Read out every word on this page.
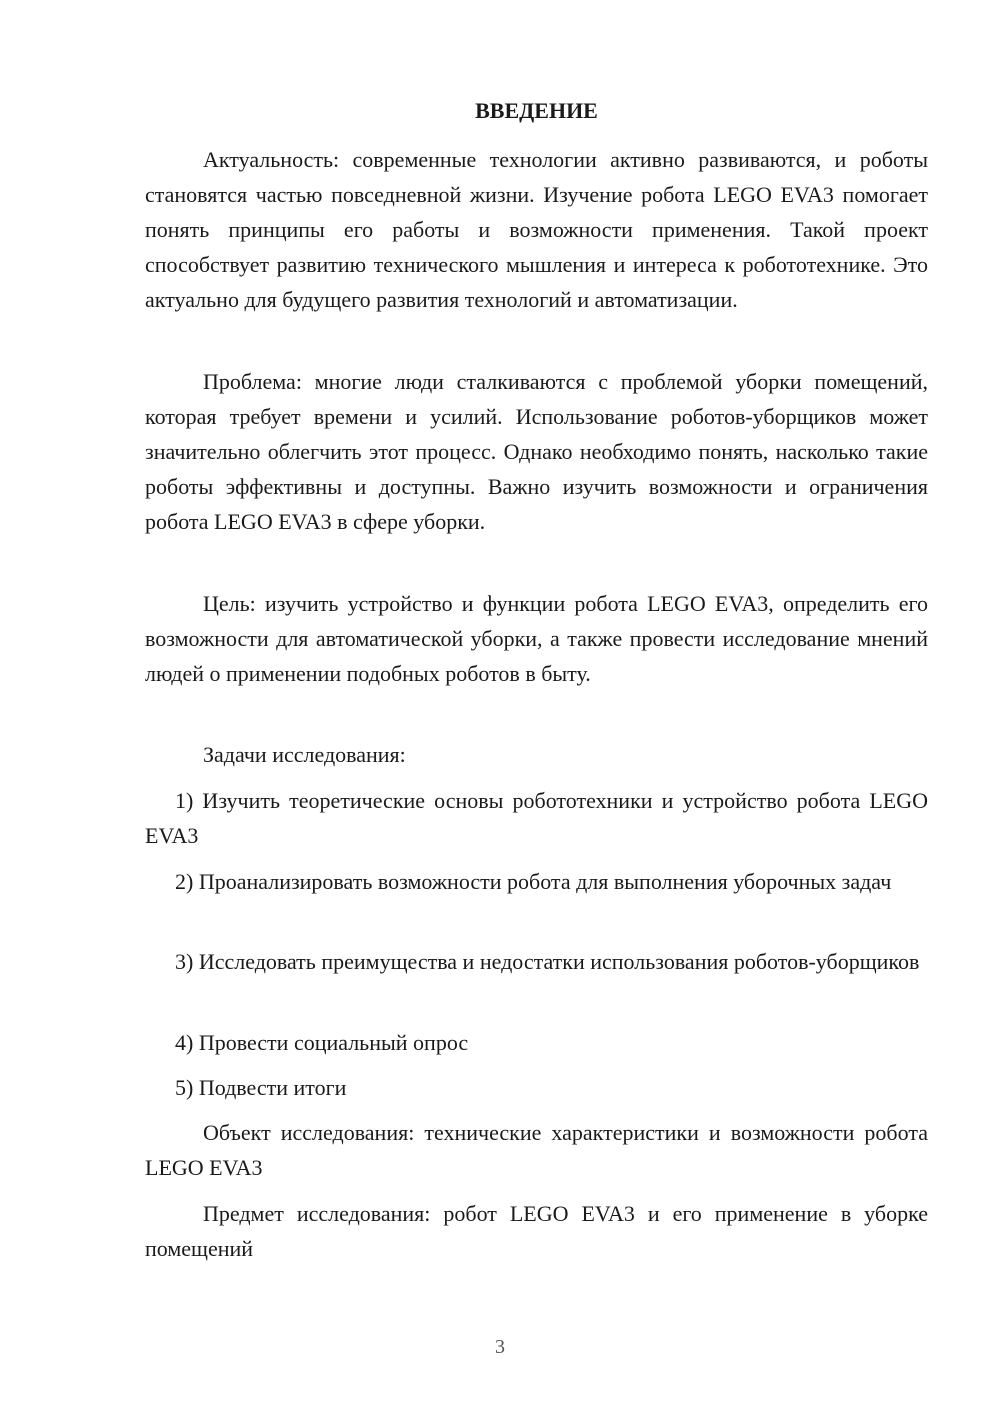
ВВЕДЕНИЕ

Актуальность: современные технологии активно развиваются, и роботы становятся частью повседневной жизни. Изучение робота LEGO EVA3 помогает понять принципы его работы и возможности применения. Такой проект способствует развитию технического мышления и интереса к робототехнике. Это актуально для будущего развития технологий и автоматизации.

Проблема: многие люди сталкиваются с проблемой уборки помещений, которая требует времени и усилий. Использование роботов-уборщиков может значительно облегчить этот процесс. Однако необходимо понять, насколько такие роботы эффективны и доступны. Важно изучить возможности и ограничения робота LEGO EVA3 в сфере уборки.

Цель: изучить устройство и функции робота LEGO EVA3, определить его возможности для автоматической уборки, а также провести исследование мнений людей о применении подобных роботов в быту.

Задачи исследования:

1) Изучить теоретические основы робототехники и устройство робота LEGO EVA3

2) Проанализировать возможности робота для выполнения уборочных задач

3) Исследовать преимущества и недостатки использования роботов-уборщиков

4) Провести социальный опрос

5) Подвести итоги

Объект исследования: технические характеристики и возможности робота LEGO EVA3

Предмет исследования: робот LEGO EVA3 и его применение в уборке помещений

3
